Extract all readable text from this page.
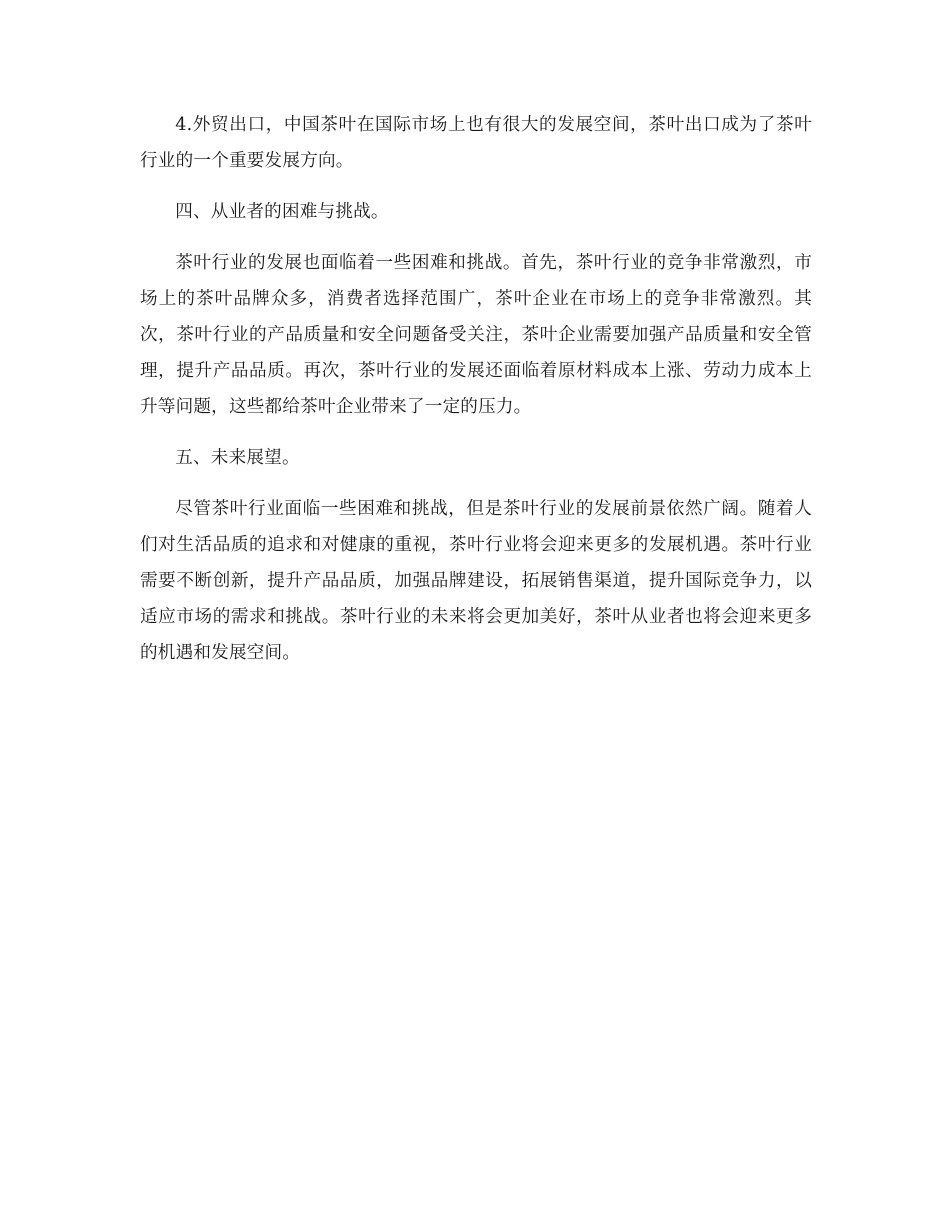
4.外贸出口，中国茶叶在国际市场上也有很大的发展空间，茶叶出口成为了茶叶行业的一个重要发展方向。

四、从业者的困难与挑战。

茶叶行业的发展也面临着一些困难和挑战。首先，茶叶行业的竞争非常激烈，市场上的茶叶品牌众多，消费者选择范围广，茶叶企业在市场上的竞争非常激烈。其次，茶叶行业的产品质量和安全问题备受关注，茶叶企业需要加强产品质量和安全管理，提升产品品质。再次，茶叶行业的发展还面临着原材料成本上涨、劳动力成本上升等问题，这些都给茶叶企业带来了一定的压力。

五、未来展望。

尽管茶叶行业面临一些困难和挑战，但是茶叶行业的发展前景依然广阔。随着人们对生活品质的追求和对健康的重视，茶叶行业将会迎来更多的发展机遇。茶叶行业需要不断创新，提升产品品质，加强品牌建设，拓展销售渠道，提升国际竞争力，以适应市场的需求和挑战。茶叶行业的未来将会更加美好，茶叶从业者也将会迎来更多的机遇和发展空间。
